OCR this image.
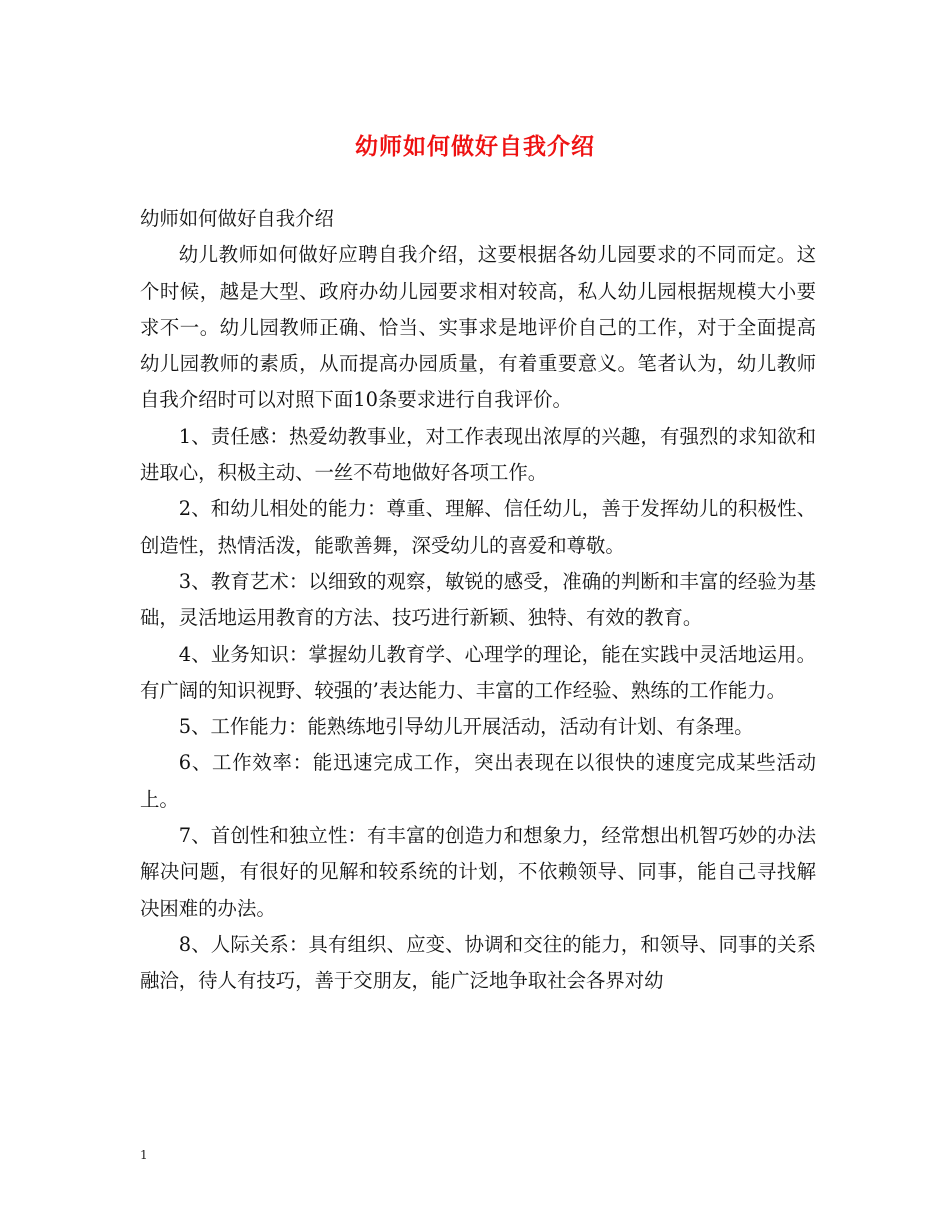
幼师如何做好自我介绍

幼师如何做好自我介绍

幼儿教师如何做好应聘自我介绍，这要根据各幼儿园要求的不同而定。这个时候，越是大型、政府办幼儿园要求相对较高，私人幼儿园根据规模大小要求不一。幼儿园教师正确、恰当、实事求是地评价自己的工作，对于全面提高幼儿园教师的素质，从而提高办园质量，有着重要意义。笔者认为，幼儿教师自我介绍时可以对照下面10条要求进行自我评价。

1、责任感：热爱幼教事业，对工作表现出浓厚的兴趣，有强烈的求知欲和进取心，积极主动、一丝不苟地做好各项工作。

2、和幼儿相处的能力：尊重、理解、信任幼儿，善于发挥幼儿的积极性、创造性，热情活泼，能歌善舞，深受幼儿的喜爱和尊敬。

3、教育艺术：以细致的观察，敏锐的感受，准确的判断和丰富的经验为基础，灵活地运用教育的方法、技巧进行新颖、独特、有效的教育。

4、业务知识：掌握幼儿教育学、心理学的理论，能在实践中灵活地运用。有广阔的知识视野、较强的’表达能力、丰富的工作经验、熟练的工作能力。

5、工作能力：能熟练地引导幼儿开展活动，活动有计划、有条理。

6、工作效率：能迅速完成工作，突出表现在以很快的速度完成某些活动上。

7、首创性和独立性：有丰富的创造力和想象力，经常想出机智巧妙的办法解决问题，有很好的见解和较系统的计划，不依赖领导、同事，能自己寻找解决困难的办法。

8、人际关系：具有组织、应变、协调和交往的能力，和领导、同事的关系融洽，待人有技巧，善于交朋友，能广泛地争取社会各界对幼

1
